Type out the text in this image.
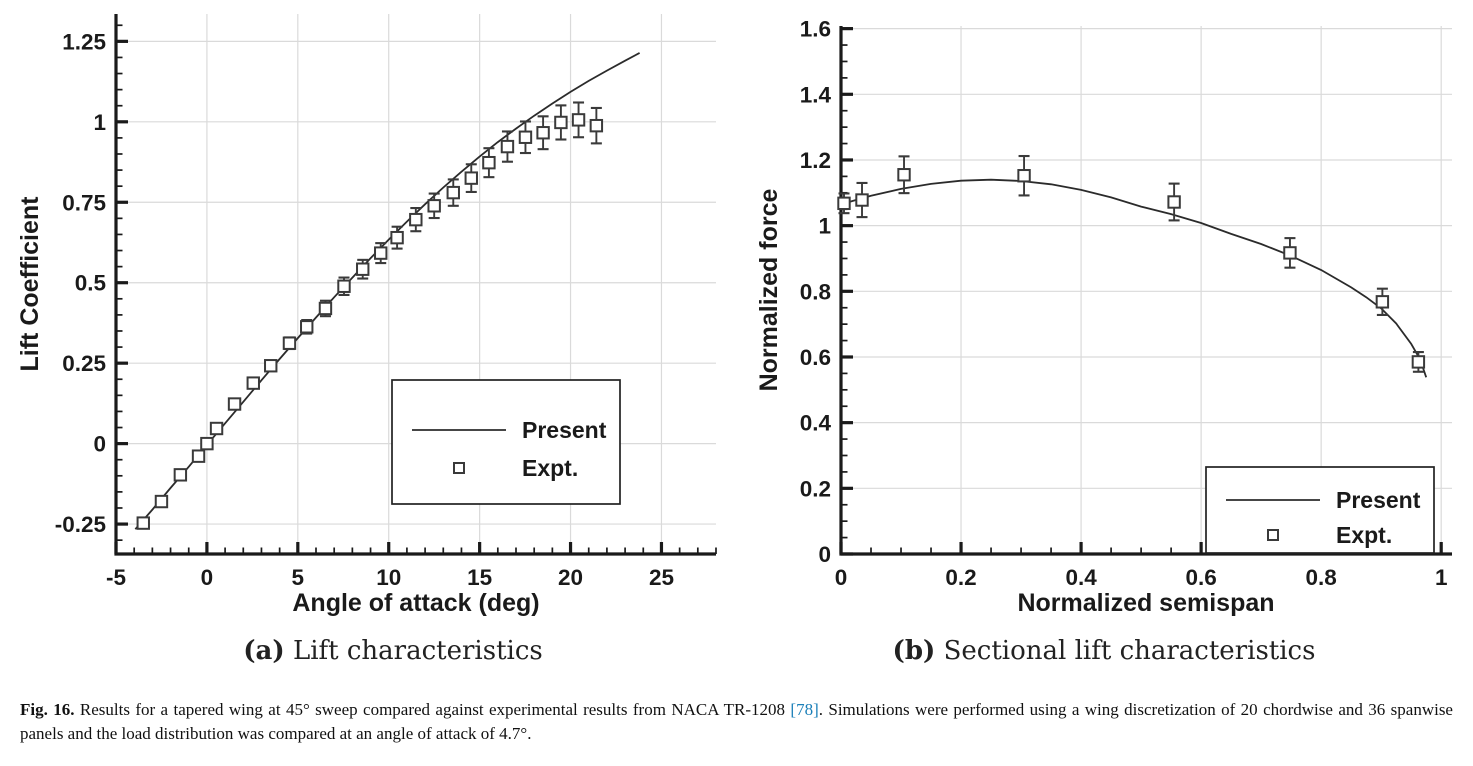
-5	0	5	10	15	20	25
-0.25
0
0.25
0.5
0.75
1
1.25
Angle of attack (deg)
Lift Coefficient
Present
Expt.
0	0.2	0.4	0.6	0.8	1
0
0.2
0.4
0.6
0.8
1
1.2
1.4
1.6
Normalized semispan
Normalized force
Present
Expt.
(a) Lift characteristics	(b) Sectional lift characteristics

Fig. 16. Results for a tapered wing at 45° sweep compared against experimental results from NACA TR-1208 [78]. Simulations were performed using a wing discretization of 20 chordwise and 36 spanwise panels and the load distribution was compared at an angle of attack of 4.7°.
